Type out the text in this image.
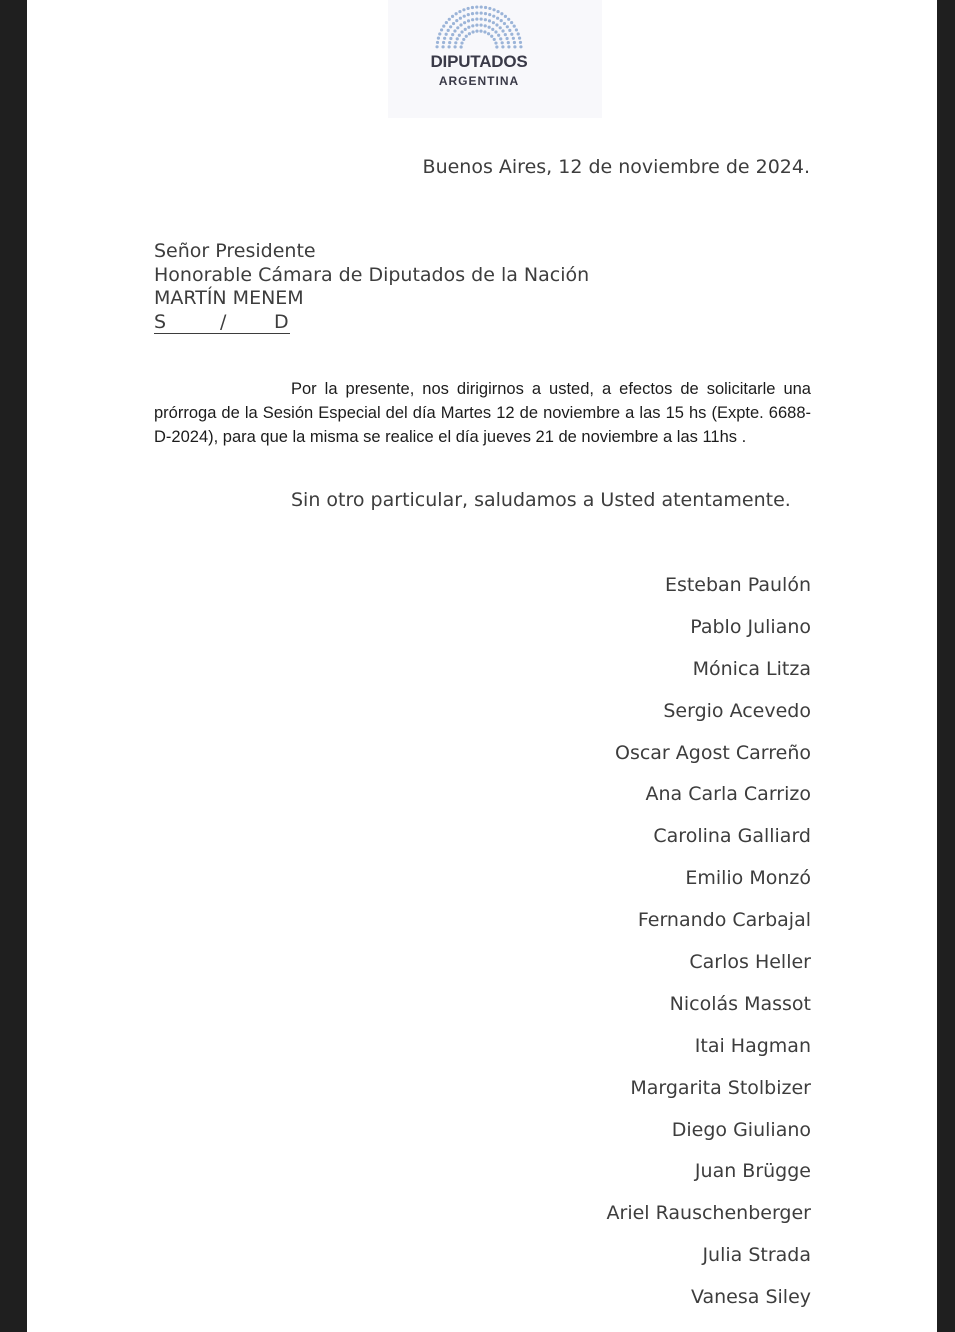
DIPUTADOS
ARGENTINA
Buenos Aires, 12 de noviembre de 2024.
Señor Presidente
Honorable Cámara de Diputados de la Nación
MARTÍN MENEM

S	/	D
Por la presente, nos dirigirnos a usted, a efectos de solicitarle una prórroga de la Sesión Especial del día Martes 12 de noviembre a las 15 hs (Expte. 6688-D-2024), para que la misma se realice el día jueves 21 de noviembre a las 11hs .
Sin otro particular, saludamos a Usted atentamente.
Esteban Paulón
Pablo Juliano
Mónica Litza
Sergio Acevedo
Oscar Agost Carreño
Ana Carla Carrizo
Carolina Galliard
Emilio Monzó
Fernando Carbajal
Carlos Heller
Nicolás Massot
Itai Hagman
Margarita Stolbizer
Diego Giuliano
Juan Brügge
Ariel Rauschenberger
Julia Strada
Vanesa Siley
